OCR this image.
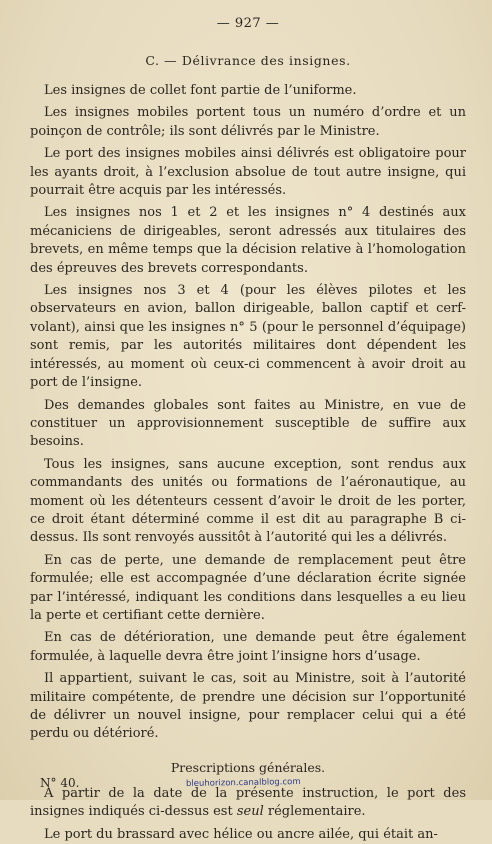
— 927 —
C. — Délivrance des insignes.

Les insignes de collet font partie de l’uniforme.

Les insignes mobiles portent tous un numéro d’ordre et un poinçon de contrôle; ils sont délivrés par le Ministre.

Le port des insignes mobiles ainsi délivrés est obligatoire pour les ayants droit, à l’exclusion absolue de tout autre insigne, qui pourrait être acquis par les intéressés.

Les insignes nos 1 et 2 et les insignes n° 4 destinés aux mécaniciens de dirigeables, seront adressés aux titulaires des brevets, en même temps que la décision relative à l’homologation des épreuves des brevets correspondants.

Les insignes nos 3 et 4 (pour les élèves pilotes et les observateurs en avion, ballon dirigeable, ballon captif et cerf-volant), ainsi que les insignes n° 5 (pour le personnel d’équipage) sont remis, par les autorités militaires dont dépendent les intéressés, au moment où ceux-ci commencent à avoir droit au port de l’insigne.

Des demandes globales sont faites au Ministre, en vue de constituer un approvisionnement susceptible de suffire aux besoins.

Tous les insignes, sans aucune exception, sont rendus aux commandants des unités ou formations de l’aéronautique, au moment où les détenteurs cessent d’avoir le droit de les porter, ce droit étant déterminé comme il est dit au paragraphe B ci-dessus. Ils sont renvoyés aussitôt à l’autorité qui les a délivrés.

En cas de perte, une demande de remplacement peut être formulée; elle est accompagnée d’une déclaration écrite signée par l’intéressé, indiquant les conditions dans lesquelles a eu lieu la perte et certifiant cette dernière.

En cas de détérioration, une demande peut être également formulée, à laquelle devra être joint l’insigne hors d’usage.

Il appartient, suivant le cas, soit au Ministre, soit à l’autorité militaire compétente, de prendre une décision sur l’opportunité de délivrer un nouvel insigne, pour remplacer celui qui a été perdu ou détérioré.

Prescriptions générales.

A partir de la date de la présente instruction, le port des insignes indiqués ci-dessus est seul réglementaire.

Le port du brassard avec hélice ou ancre ailée, qui était an-

N° 40.	bleuhorizon.canalblog.com
